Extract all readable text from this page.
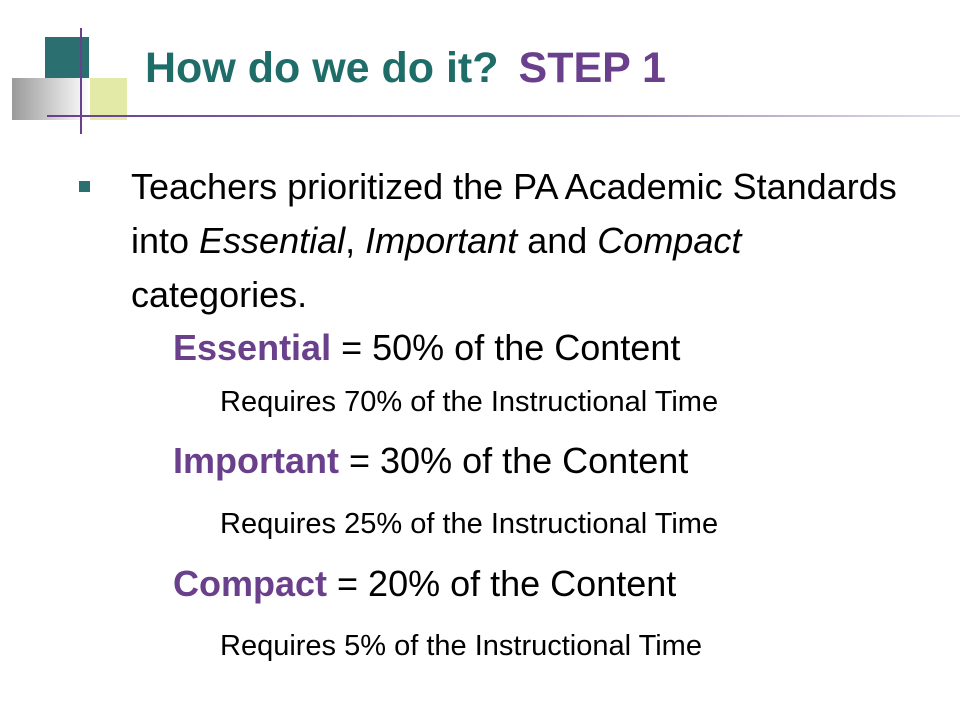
How do we do it? STEP 1
Teachers prioritized the PA Academic Standards into Essential, Important and Compact categories.
Essential = 50% of the Content
Requires 70% of the Instructional Time
Important = 30% of the Content
Requires 25% of the Instructional Time
Compact = 20% of the Content
Requires 5% of the Instructional Time
